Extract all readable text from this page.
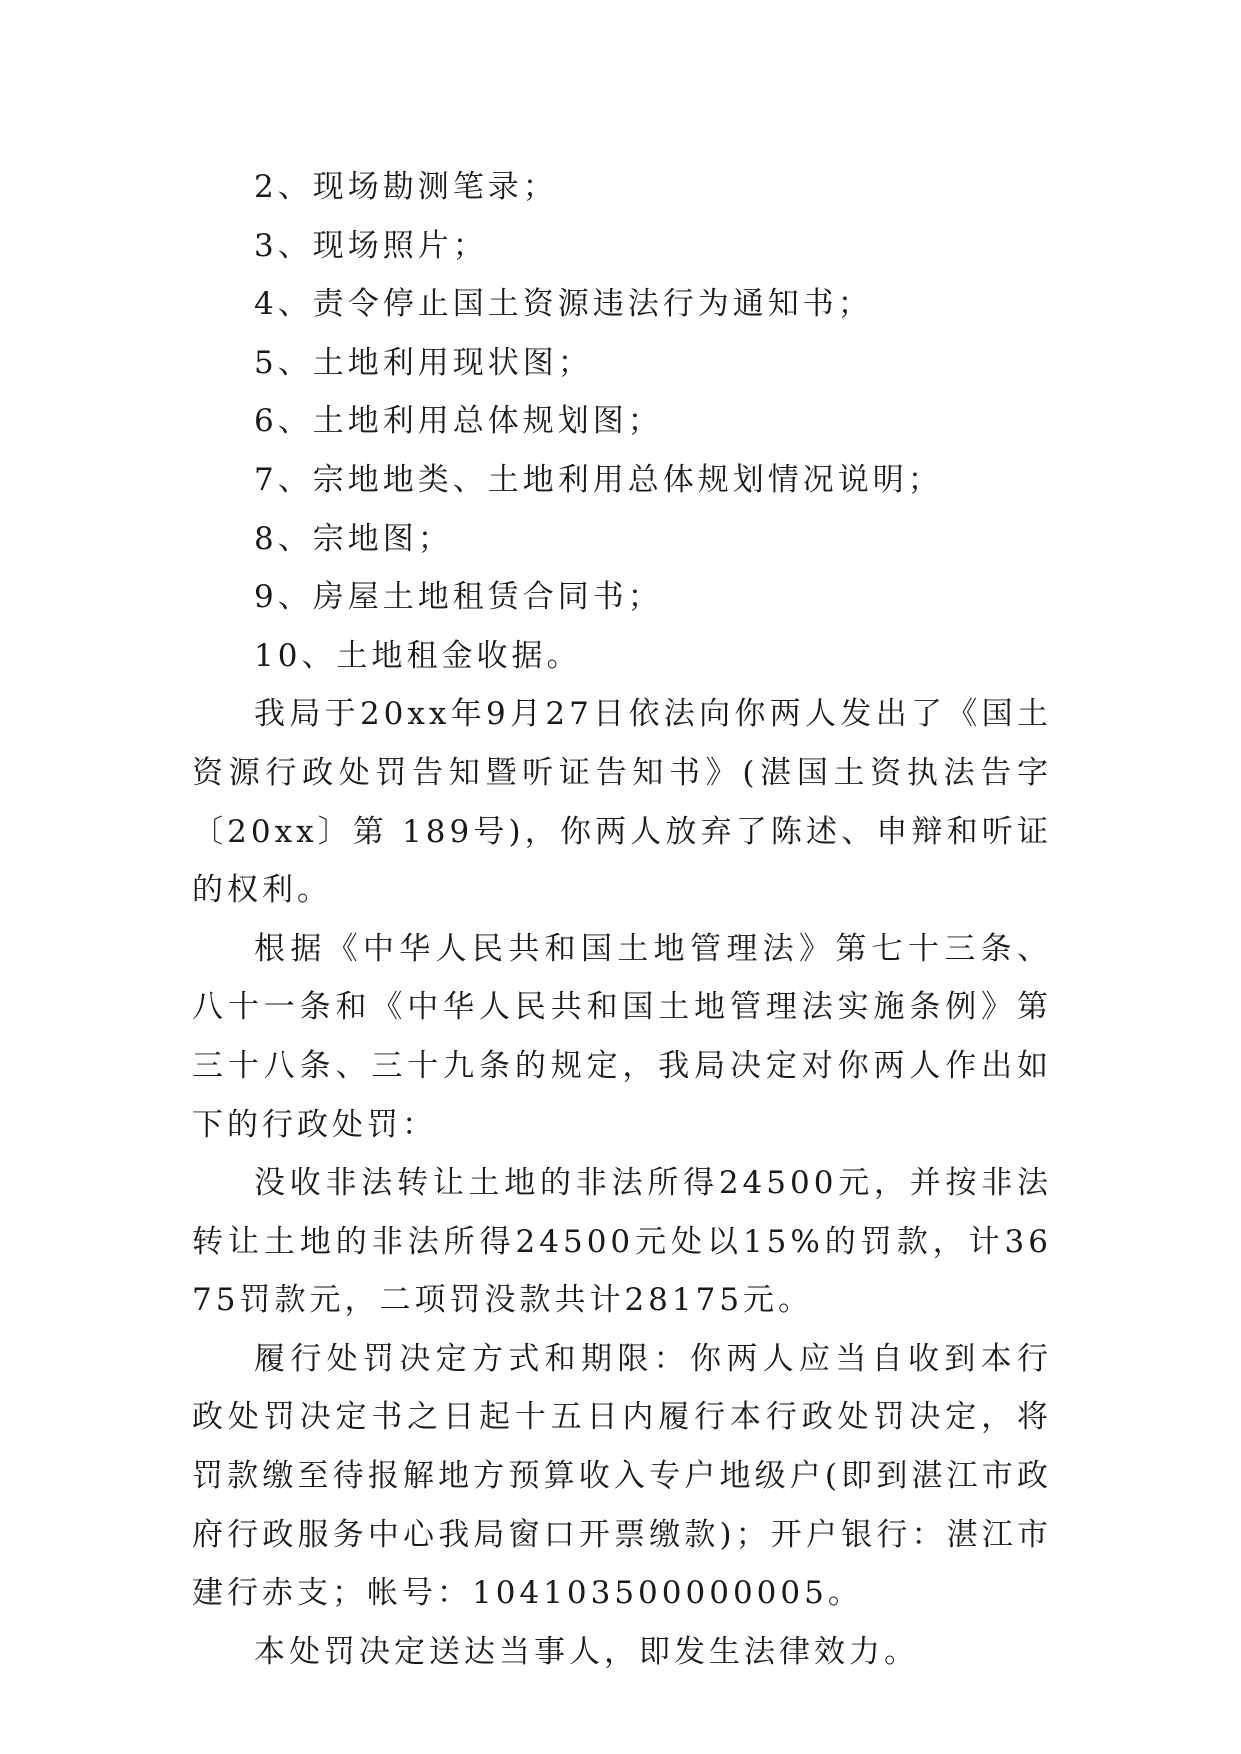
2、现场勘测笔录；

3、现场照片；

4、责令停止国土资源违法行为通知书；

5、土地利用现状图；

6、土地利用总体规划图；

7、宗地地类、土地利用总体规划情况说明；

8、宗地图；

9、房屋土地租赁合同书；

10、土地租金收据。

我局于20xx年9月27日依法向你两人发出了《国土资源行政处罚告知暨听证告知书》(湛国土资执法告字〔20xx〕第 189号)，你两人放弃了陈述、申辩和听证的权利。

根据《中华人民共和国土地管理法》第七十三条、八十一条和《中华人民共和国土地管理法实施条例》第三十八条、三十九条的规定，我局决定对你两人作出如下的行政处罚：

没收非法转让土地的非法所得24500元，并按非法转让土地的非法所得24500元处以15%的罚款，计3675罚款元，二项罚没款共计28175元。

履行处罚决定方式和期限：你两人应当自收到本行政处罚决定书之日起十五日内履行本行政处罚决定，将罚款缴至待报解地方预算收入专户地级户(即到湛江市政府行政服务中心我局窗口开票缴款)；开户银行：湛江市建行赤支；帐号：104103500000005。

本处罚决定送达当事人，即发生法律效力。
